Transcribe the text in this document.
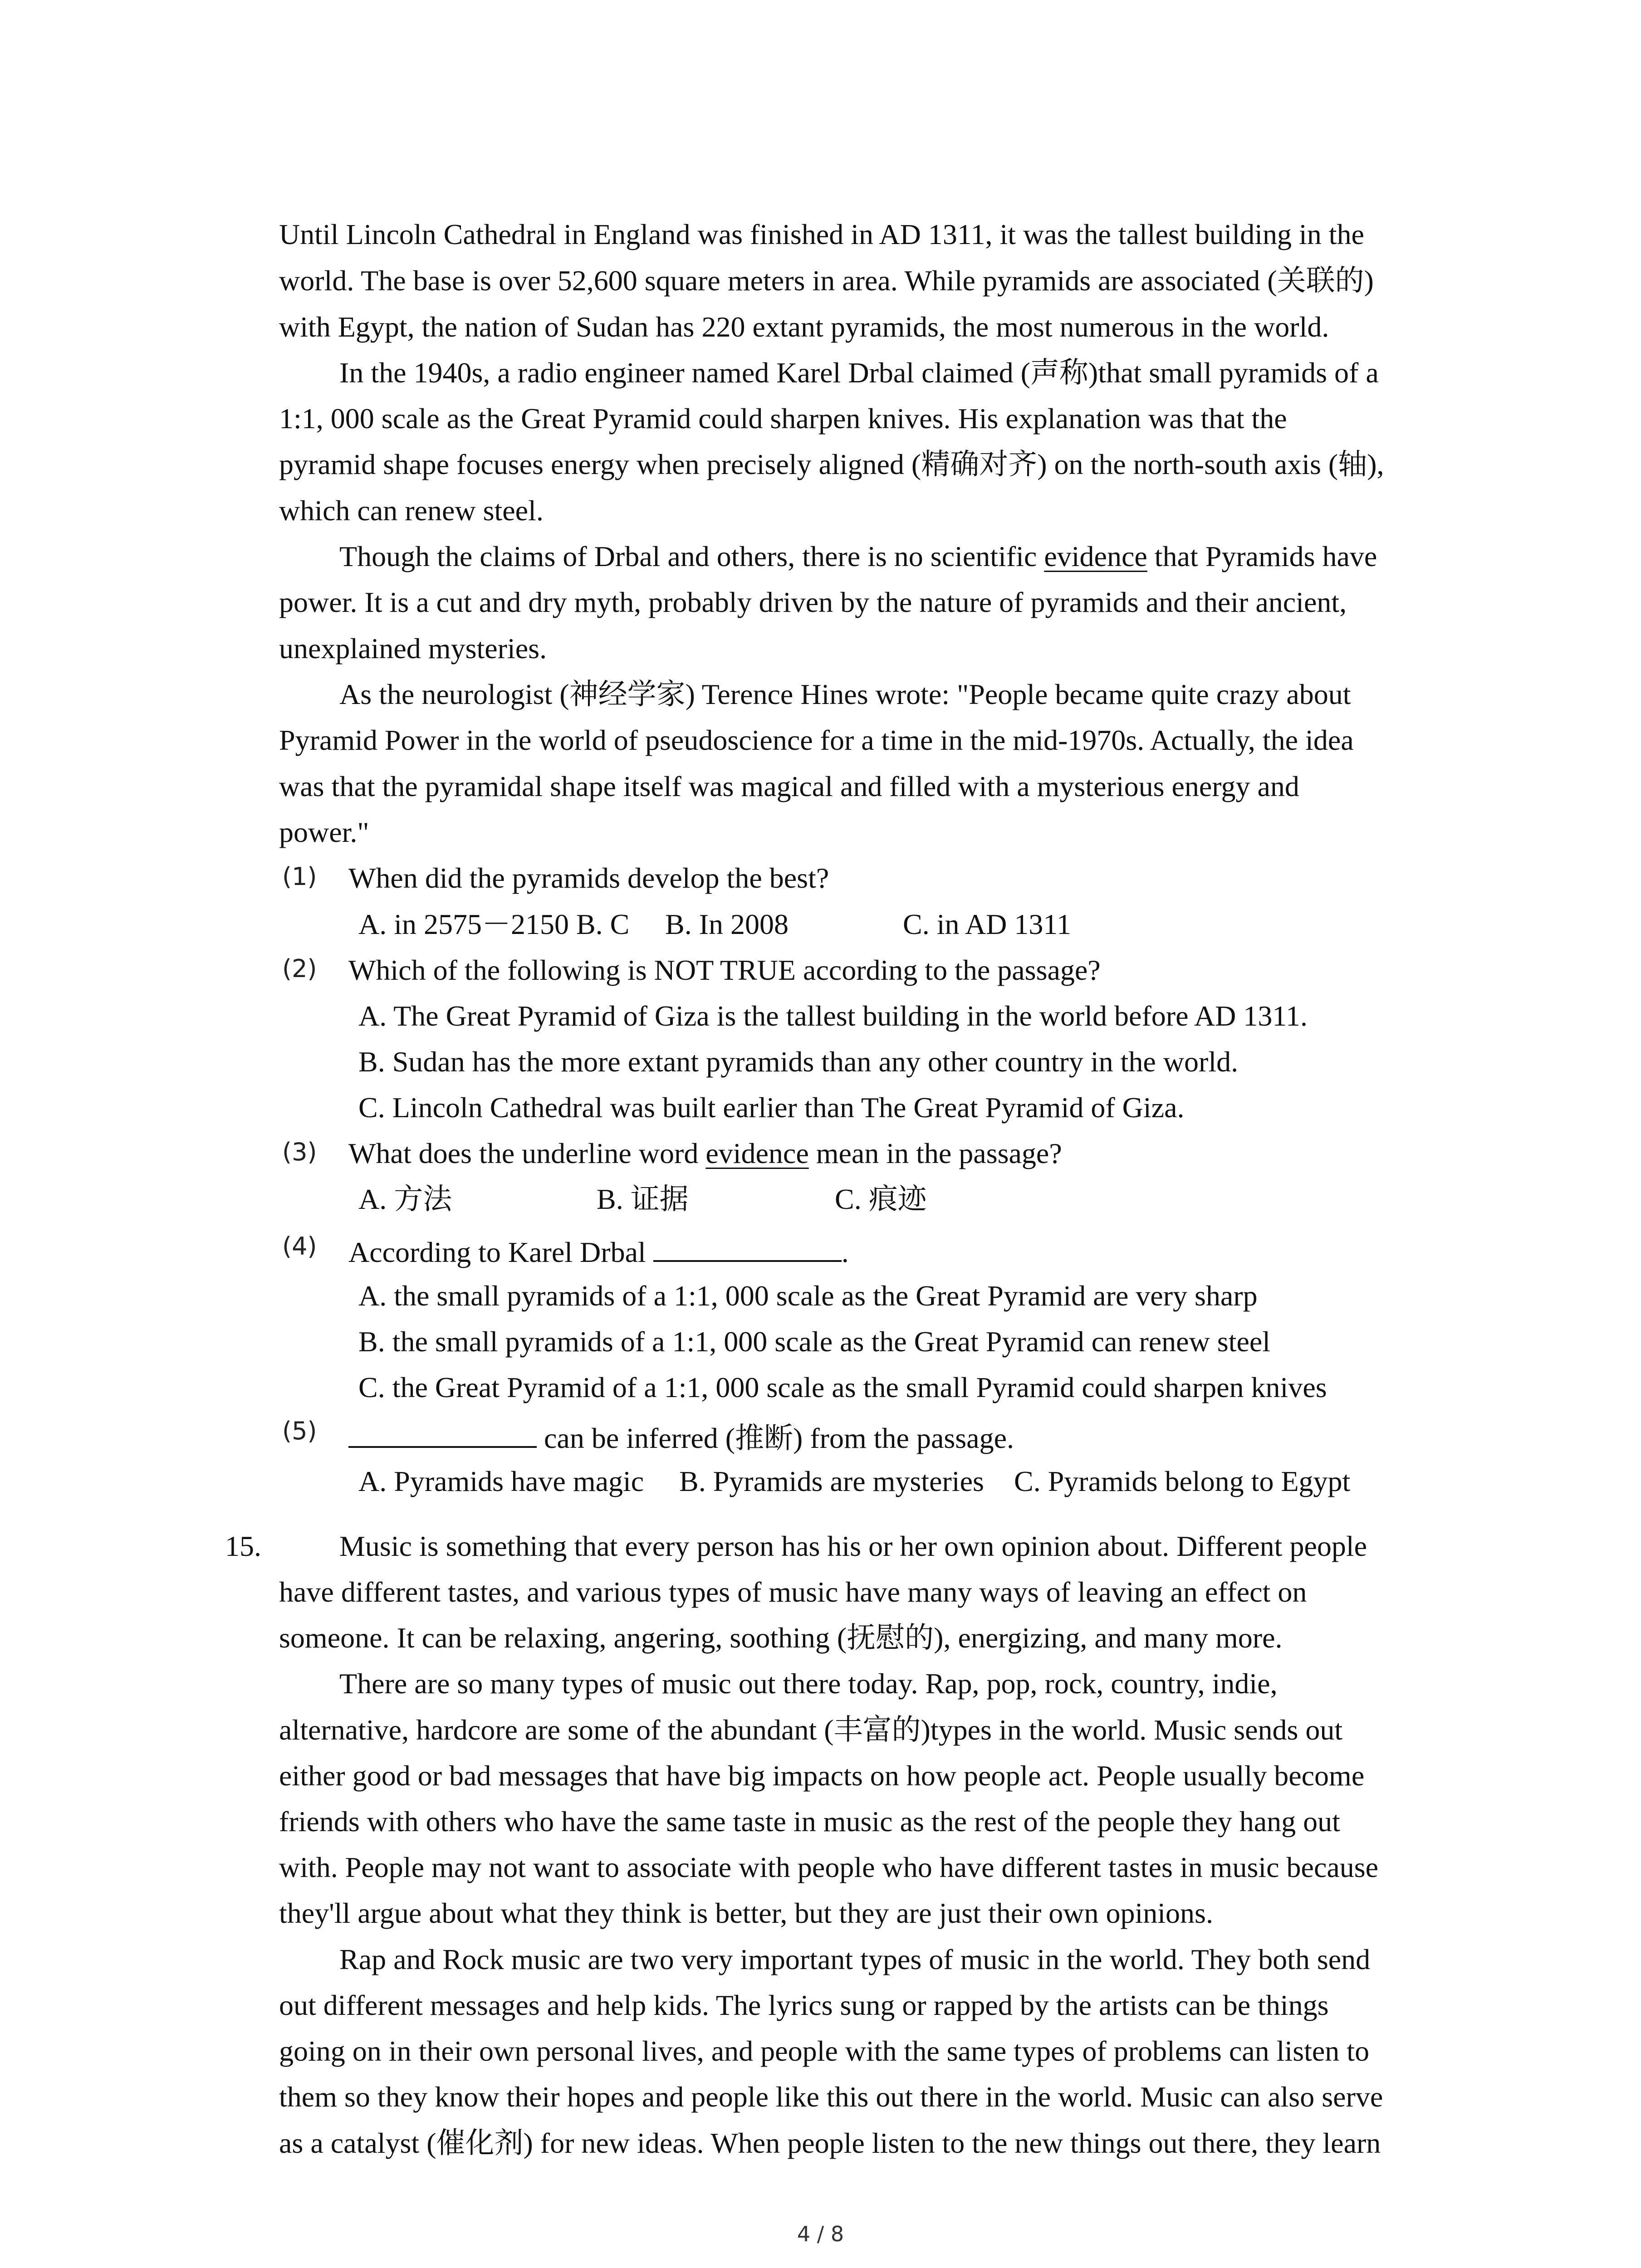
Until Lincoln Cathedral in England was finished in AD 1311, it was the tallest building in the
world. The base is over 52,600 square meters in area. While pyramids are associated (关联的)
with Egypt, the nation of Sudan has 220 extant pyramids, the most numerous in the world.
In the 1940s, a radio engineer named Karel Drbal claimed (声称)that small pyramids of a
1:1, 000 scale as the Great Pyramid could sharpen knives. His explanation was that the
pyramid shape focuses energy when precisely aligned (精确对齐) on the north-south axis (轴),
which can renew steel.
Though the claims of Drbal and others, there is no scientific evidence that Pyramids have
power. It is a cut and dry myth, probably driven by the nature of pyramids and their ancient,
unexplained mysteries.
As the neurologist (神经学家) Terence Hines wrote: "People became quite crazy about
Pyramid Power in the world of pseudoscience for a time in the mid-1970s. Actually, the idea
was that the pyramidal shape itself was magical and filled with a mysterious energy and
power."
(1) When did the pyramids develop the best?
A. in 2575－2150 B. C B. In 2008	C. in AD 1311
(2) Which of the following is NOT TRUE according to the passage?
A. The Great Pyramid of Giza is the tallest building in the world before AD 1311.
B. Sudan has the more extant pyramids than any other country in the world.
C. Lincoln Cathedral was built earlier than The Great Pyramid of Giza.
(3) What does the underline word evidence mean in the passage?
A. 方法	B. 证据	C. 痕迹
(4) According to Karel Drbal	.
A. the small pyramids of a 1:1, 000 scale as the Great Pyramid are very sharp
B. the small pyramids of a 1:1, 000 scale as the Great Pyramid can renew steel
C. the Great Pyramid of a 1:1, 000 scale as the small Pyramid could sharpen knives
(5)	can be inferred (推断) from the passage.
A. Pyramids have magic B. Pyramids are mysteries C. Pyramids belong to Egypt
15.	Music is something that every person has his or her own opinion about. Different people
have different tastes, and various types of music have many ways of leaving an effect on
someone. It can be relaxing, angering, soothing (抚慰的), energizing, and many more.
There are so many types of music out there today. Rap, pop, rock, country, indie,
alternative, hardcore are some of the abundant (丰富的)types in the world. Music sends out
either good or bad messages that have big impacts on how people act. People usually become
friends with others who have the same taste in music as the rest of the people they hang out
with. People may not want to associate with people who have different tastes in music because
they'll argue about what they think is better, but they are just their own opinions.
Rap and Rock music are two very important types of music in the world. They both send
out different messages and help kids. The lyrics sung or rapped by the artists can be things
going on in their own personal lives, and people with the same types of problems can listen to
them so they know their hopes and people like this out there in the world. Music can also serve
as a catalyst (催化剂) for new ideas. When people listen to the new things out there, they learn
4 / 8
